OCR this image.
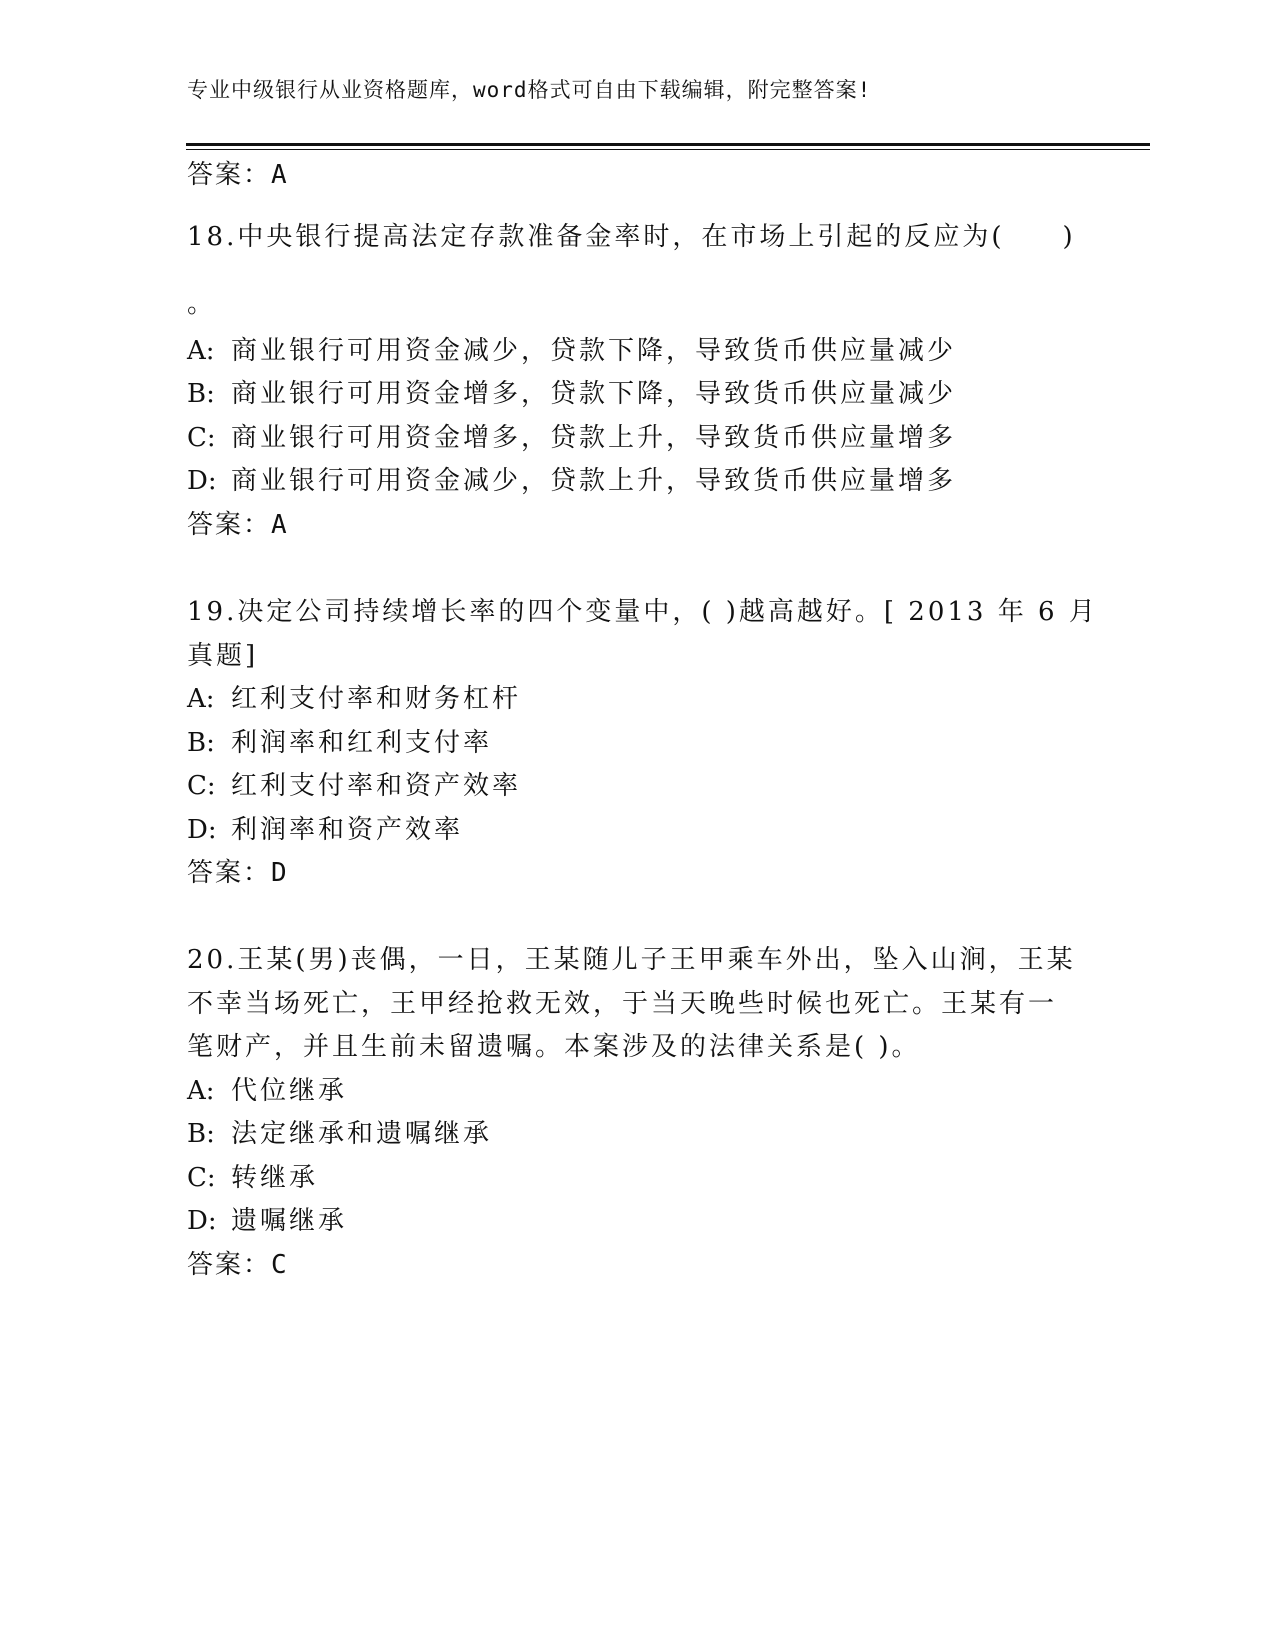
专业中级银行从业资格题库，word格式可自由下载编辑，附完整答案!
答案：A
18.中央银行提高法定存款准备金率时，在市场上引起的反应为(　　)
。
A: 商业银行可用资金减少，贷款下降，导致货币供应量减少
B: 商业银行可用资金增多，贷款下降，导致货币供应量减少
C: 商业银行可用资金增多，贷款上升，导致货币供应量增多
D: 商业银行可用资金减少，贷款上升，导致货币供应量增多
答案：A
19.决定公司持续增长率的四个变量中，( )越高越好。[ 2013 年 6 月
真题]
A: 红利支付率和财务杠杆
B: 利润率和红利支付率
C: 红利支付率和资产效率
D: 利润率和资产效率
答案：D
20.王某(男)丧偶，一日，王某随儿子王甲乘车外出，坠入山涧，王某
不幸当场死亡，王甲经抢救无效，于当天晚些时候也死亡。王某有一
笔财产，并且生前未留遗嘱。本案涉及的法律关系是( )。
A: 代位继承
B: 法定继承和遗嘱继承
C: 转继承
D: 遗嘱继承
答案：C
